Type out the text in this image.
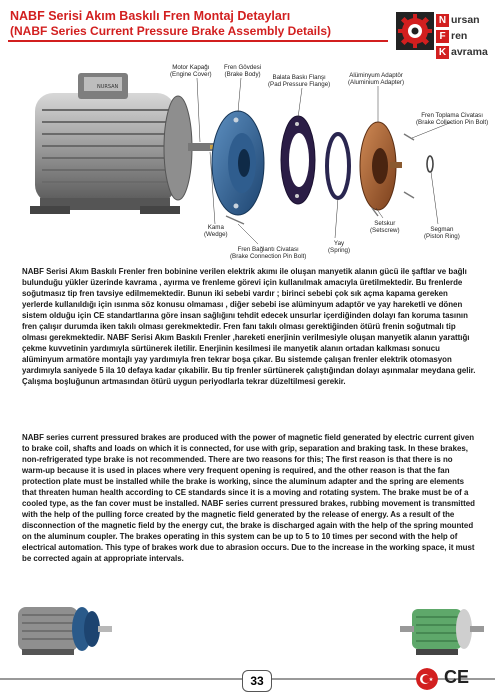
NABF Serisi Akım Baskılı Fren Montaj Detayları
(NABF Series Current Pressure Brake Assembly Details)
N ursan
F ren
K avrama
NURSAN
Motor Kapağı
(Engine Cover)
Fren Gövdesi
(Brake Body)	Balata Baskı Flanşı
(Pad Pressure Flange)
Alüminyum Adaptör
(Aluminium Adapter)
Fren Toplama Civatası
(Brake Collection Pin Bolt)
Kama
(Wedge)
Fren Bağlantı Civatası
(Brake Connection Pin Bolt)
Yay
(Spring)
Setskur
(Setscrew)	Segman
(Piston Ring)
NABF Serisi Akım Baskılı Frenler fren bobinine verilen elektrik akımı ile oluşan manyetik alanın gücü ile şaftlar ve bağlı bulunduğu yükler üzerinde kavrama , ayırma ve frenleme görevi için kullanılmak amacıyla üretilmektedir. Bu frenlerde soğutmasız tip fren tavsiye edilmemektedir. Bunun iki sebebi vardır ; birinci sebebi çok sık açma kapama gereken yerlerde kullanıldığı için ısınma söz konusu olmaması , diğer sebebi ise alüminyum adaptör ve yay hareketli ve dönen sistem olduğu için CE standartlarına göre insan sağlığını tehdit edecek unsurlar içerdiğinden dolayı fan koruma tasının fren çalışır durumda iken takılı olması gerekmektedir. Fren fanı takılı olması gerektiğinden ötürü frenin soğutmalı tip olması gerekmektedir. NABF Serisi Akım Baskılı Frenler ,hareketi enerjinin verilmesiyle oluşan manyetik alanın yarattığı çekme kuvvetinin yardımıyla sürtünerek iletilir. Enerjinin kesilmesi ile manyetik alanın ortadan kalkması sonucu alüminyum armatöre montajlı yay yardımıyla fren tekrar boşa çıkar. Bu sistemde çalışan frenler elektrik otomasyon yardımıyla saniyede 5 ila 10 defaya kadar çıkabilir. Bu tip frenler sürtünerek çalıştığından dolayı aşınmalar meydana gelir. Çalışma boşluğunun artmasından ötürü uygun periyodlarla tekrar düzeltilmesi gerekir.
NABF series current pressured brakes are produced with the power of magnetic field generated by electric current given to brake coil, shafts and loads on which it is connected, for use with grip, separation and braking task. In these brakes, non-refrigerated type brake is not recommended. There are two reasons for this; The first reason is that there is no warm-up because it is used in places where very frequent opening is required, and the other reason is that the fan protection plate must be installed while the brake is working, since the aluminum adapter and the spring are elements that threaten human health according to CE standards since it is a moving and rotating system. The brake must be of a cooled type, as the fan cover must be installed. NABF series current pressured brakes, rubbing movement is transmitted with the help of the pulling force created by the magnetic field generated by the release of energy. As a result of the disconnection of the magnetic field by the energy cut, the brake is discharged again with the help of the spring mounted on the aluminum coupler. The brakes operating in this system can be up to 5 to 10 times per second with the help of electrical automation. This type of brakes work due to abrasion occurs. Due to the increase in the working space, it must be corrected again at appropriate intervals.
33	CE
